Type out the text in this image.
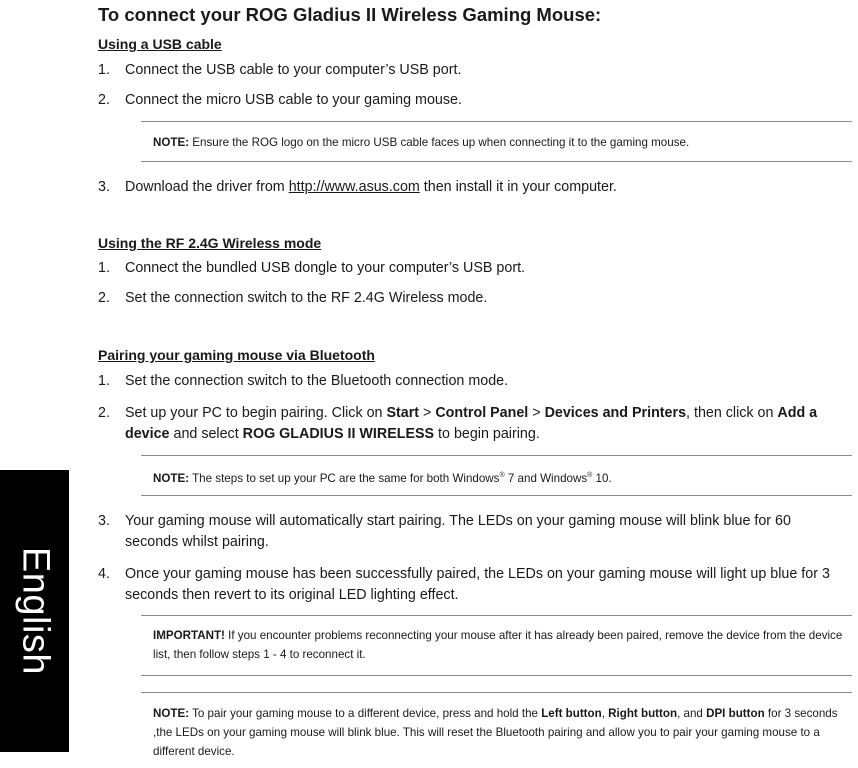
English
To connect your ROG Gladius II Wireless Gaming Mouse:
Using a USB cable
1. Connect the USB cable to your computer’s USB port.
2. Connect the micro USB cable to your gaming mouse.
NOTE: Ensure the ROG logo on the micro USB cable faces up when connecting it to the gaming mouse.
3. Download the driver from http://www.asus.com then install it in your computer.
Using the RF 2.4G Wireless mode
1. Connect the bundled USB dongle to your computer’s USB port.
2. Set the connection switch to the RF 2.4G Wireless mode.
Pairing your gaming mouse via Bluetooth
1. Set the connection switch to the Bluetooth connection mode.
2. Set up your PC to begin pairing. Click on Start > Control Panel > Devices and Printers, then click on Add a device and select ROG GLADIUS II WIRELESS to begin pairing.
NOTE: The steps to set up your PC are the same for both Windows® 7 and Windows® 10.
3. Your gaming mouse will automatically start pairing. The LEDs on your gaming mouse will blink blue for 60 seconds whilst pairing.
4. Once your gaming mouse has been successfully paired, the LEDs on your gaming mouse will light up blue for 3 seconds then revert to its original LED lighting effect.
IMPORTANT! If you encounter problems reconnecting your mouse after it has already been paired, remove the device from the device list, then follow steps 1 - 4 to reconnect it.
NOTE: To pair your gaming mouse to a different device, press and hold the Left button, Right button, and DPI button for 3 seconds ,the LEDs on your gaming mouse will blink blue. This will reset the Bluetooth pairing and allow you to pair your gaming mouse to a different device.
